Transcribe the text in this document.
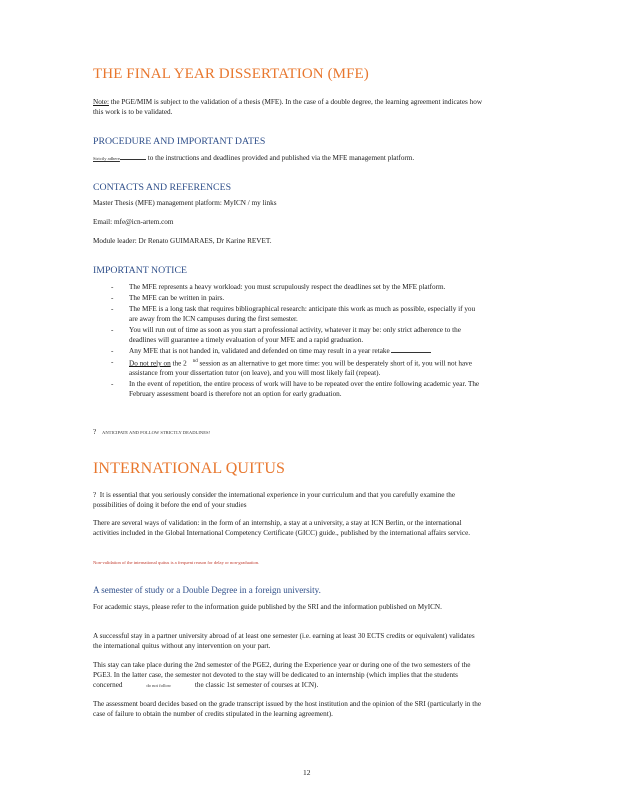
THE FINAL YEAR DISSERTATION (MFE)
Note: the PGE/MIM is subject to the validation of a thesis (MFE). In the case of a double degree, the learning agreement indicates how this work is to be validated.
PROCEDURE AND IMPORTANT DATES
Strictly adhere	to the instructions and deadlines provided and published via the MFE management platform.
CONTACTS AND REFERENCES
Master Thesis (MFE) management platform: MyICN / my links
Email: mfe@icn-artem.com
Module leader: Dr Renato GUIMARAES, Dr Karine REVET.
IMPORTANT NOTICE
- The MFE represents a heavy workload: you must scrupulously respect the deadlines set by the MFE platform.
- The MFE can be written in pairs.
- The MFE is a long task that requires bibliographical research: anticipate this work as much as possible, especially if you are away from the ICN campuses during the first semester.
- You will run out of time as soon as you start a professional activity, whatever it may be: only strict adherence to the deadlines will guarantee a timely evaluation of your MFE and a rapid graduation.
- Any MFE that is not handed in, validated and defended on time may result in a year retake
- Do not rely on the 2 $^{nd}$ session as an alternative to get more time: you will be desperately short of it, you will not have assistance from your dissertation tutor (on leave), and you will most likely fail (repeat).
- In the event of repetition, the entire process of work will have to be repeated over the entire following academic year. The February assessment board is therefore not an option for early graduation.
? ANTICIPATE AND FOLLOW STRICTLY DEADLINES!
INTERNATIONAL QUITUS
? It is essential that you seriously consider the international experience in your curriculum and that you carefully examine the possibilities of doing it before the end of your studies
There are several ways of validation: in the form of an internship, a stay at a university, a stay at ICN Berlin, or the international activities included in the Global International Competency Certificate (GICC) guide., published by the international affairs service.
Non-validation of the international quitus is a frequent reason for delay or non-graduation.
A semester of study or a Double Degree in a foreign university.
For academic stays, please refer to the information guide published by the SRI and the information published on MyICN.
A successful stay in a partner university abroad of at least one semester (i.e. earning at least 30 ECTS credits or equivalent) validates the international quitus without any intervention on your part.
This stay can take place during the 2nd semester of the PGE2, during the Experience year or during one of the two semesters of the PGE3. In the latter case, the semester not devoted to the stay will be dedicated to an internship (which implies that the students concerned	do not follow	the classic 1st semester of courses at ICN).
The assessment board decides based on the grade transcript issued by the host institution and the opinion of the SRI (particularly in the case of failure to obtain the number of credits stipulated in the learning agreement).
12
